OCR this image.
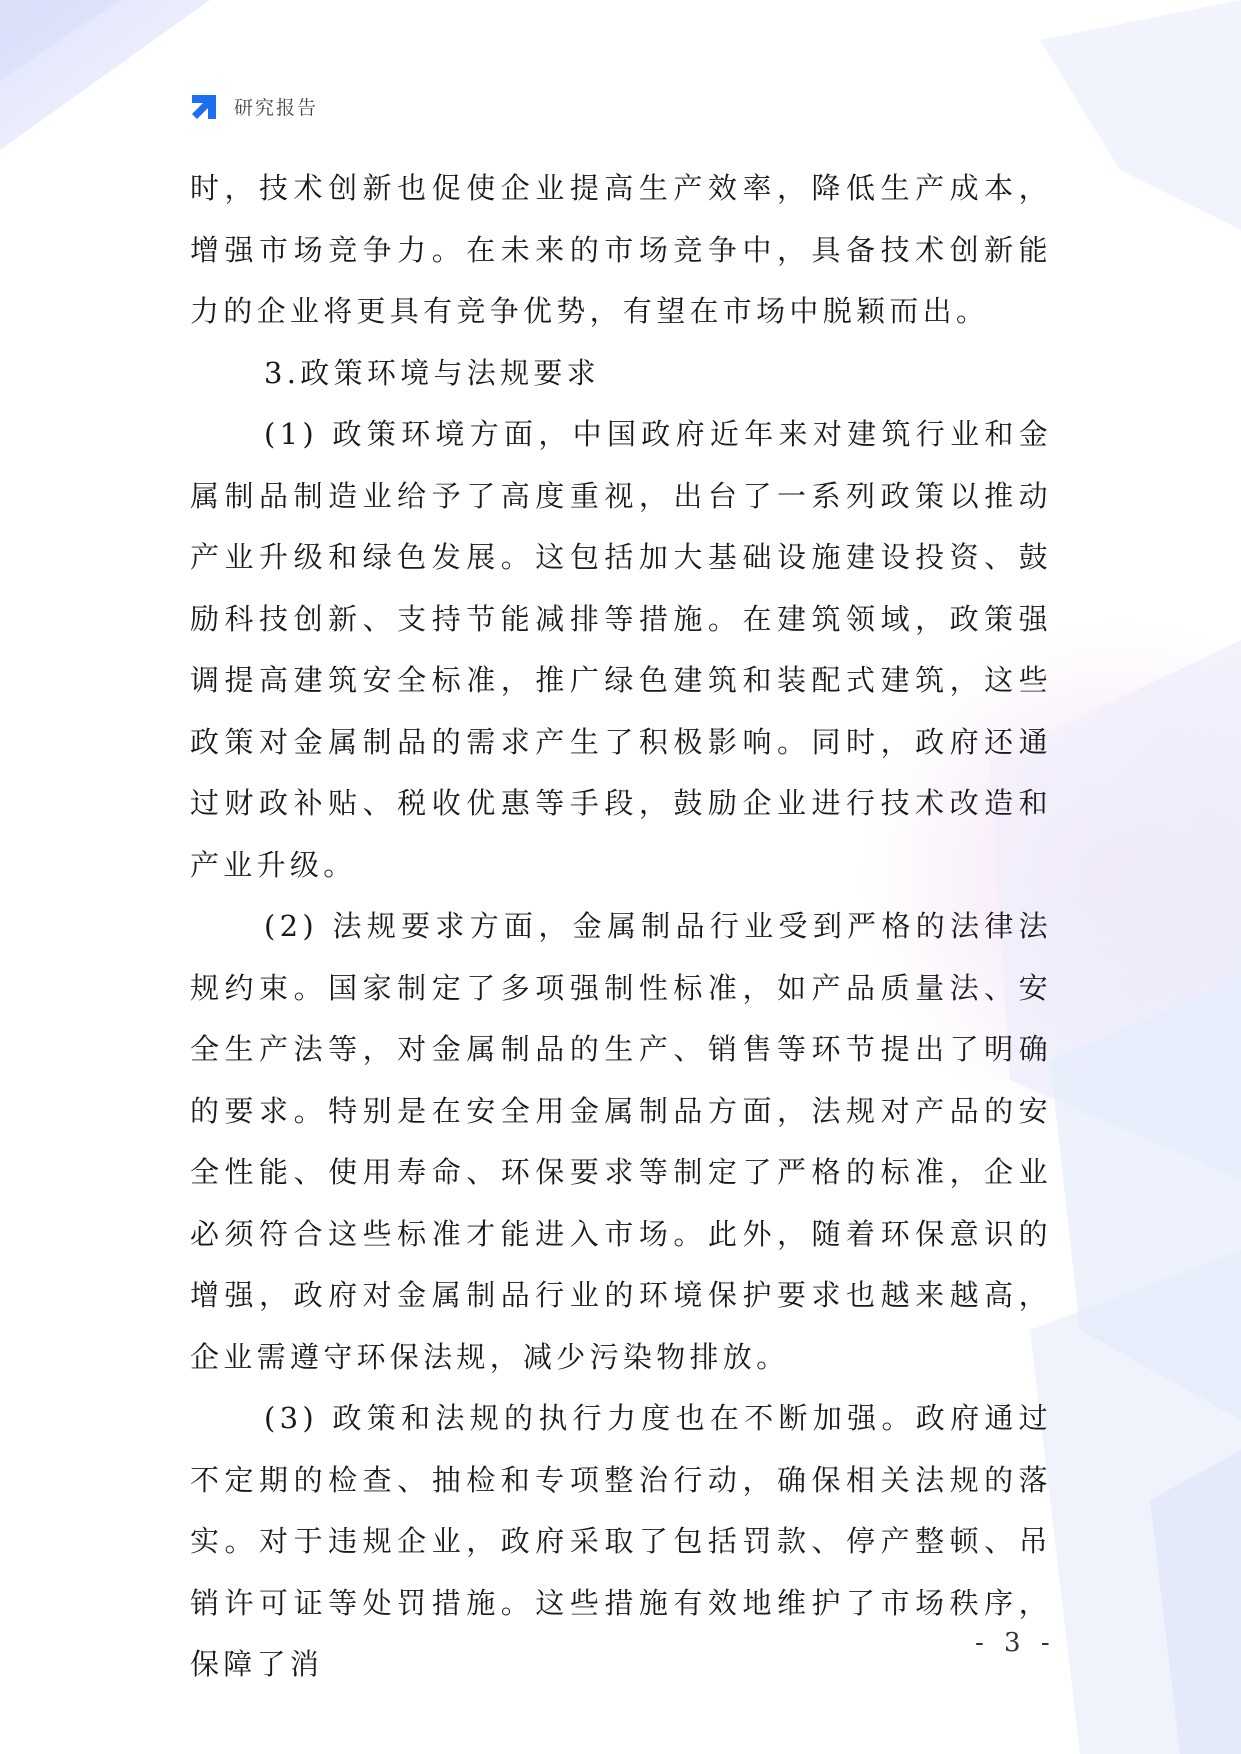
研究报告

时，技术创新也促使企业提高生产效率，降低生产成本，增强市场竞争力。在未来的市场竞争中，具备技术创新能力的企业将更具有竞争优势，有望在市场中脱颖而出。

3.政策环境与法规要求

(1) 政策环境方面，中国政府近年来对建筑行业和金属制品制造业给予了高度重视，出台了一系列政策以推动产业升级和绿色发展。这包括加大基础设施建设投资、鼓励科技创新、支持节能减排等措施。在建筑领域，政策强调提高建筑安全标准，推广绿色建筑和装配式建筑，这些政策对金属制品的需求产生了积极影响。同时，政府还通过财政补贴、税收优惠等手段，鼓励企业进行技术改造和产业升级。

(2) 法规要求方面，金属制品行业受到严格的法律法规约束。国家制定了多项强制性标准，如产品质量法、安全生产法等，对金属制品的生产、销售等环节提出了明确的要求。特别是在安全用金属制品方面，法规对产品的安全性能、使用寿命、环保要求等制定了严格的标准，企业必须符合这些标准才能进入市场。此外，随着环保意识的增强，政府对金属制品行业的环境保护要求也越来越高，企业需遵守环保法规，减少污染物排放。

(3) 政策和法规的执行力度也在不断加强。政府通过不定期的检查、抽检和专项整治行动，确保相关法规的落实。对于违规企业，政府采取了包括罚款、停产整顿、吊销许可证等处罚措施。这些措施有效地维护了市场秩序，保障了消

- 3 -
